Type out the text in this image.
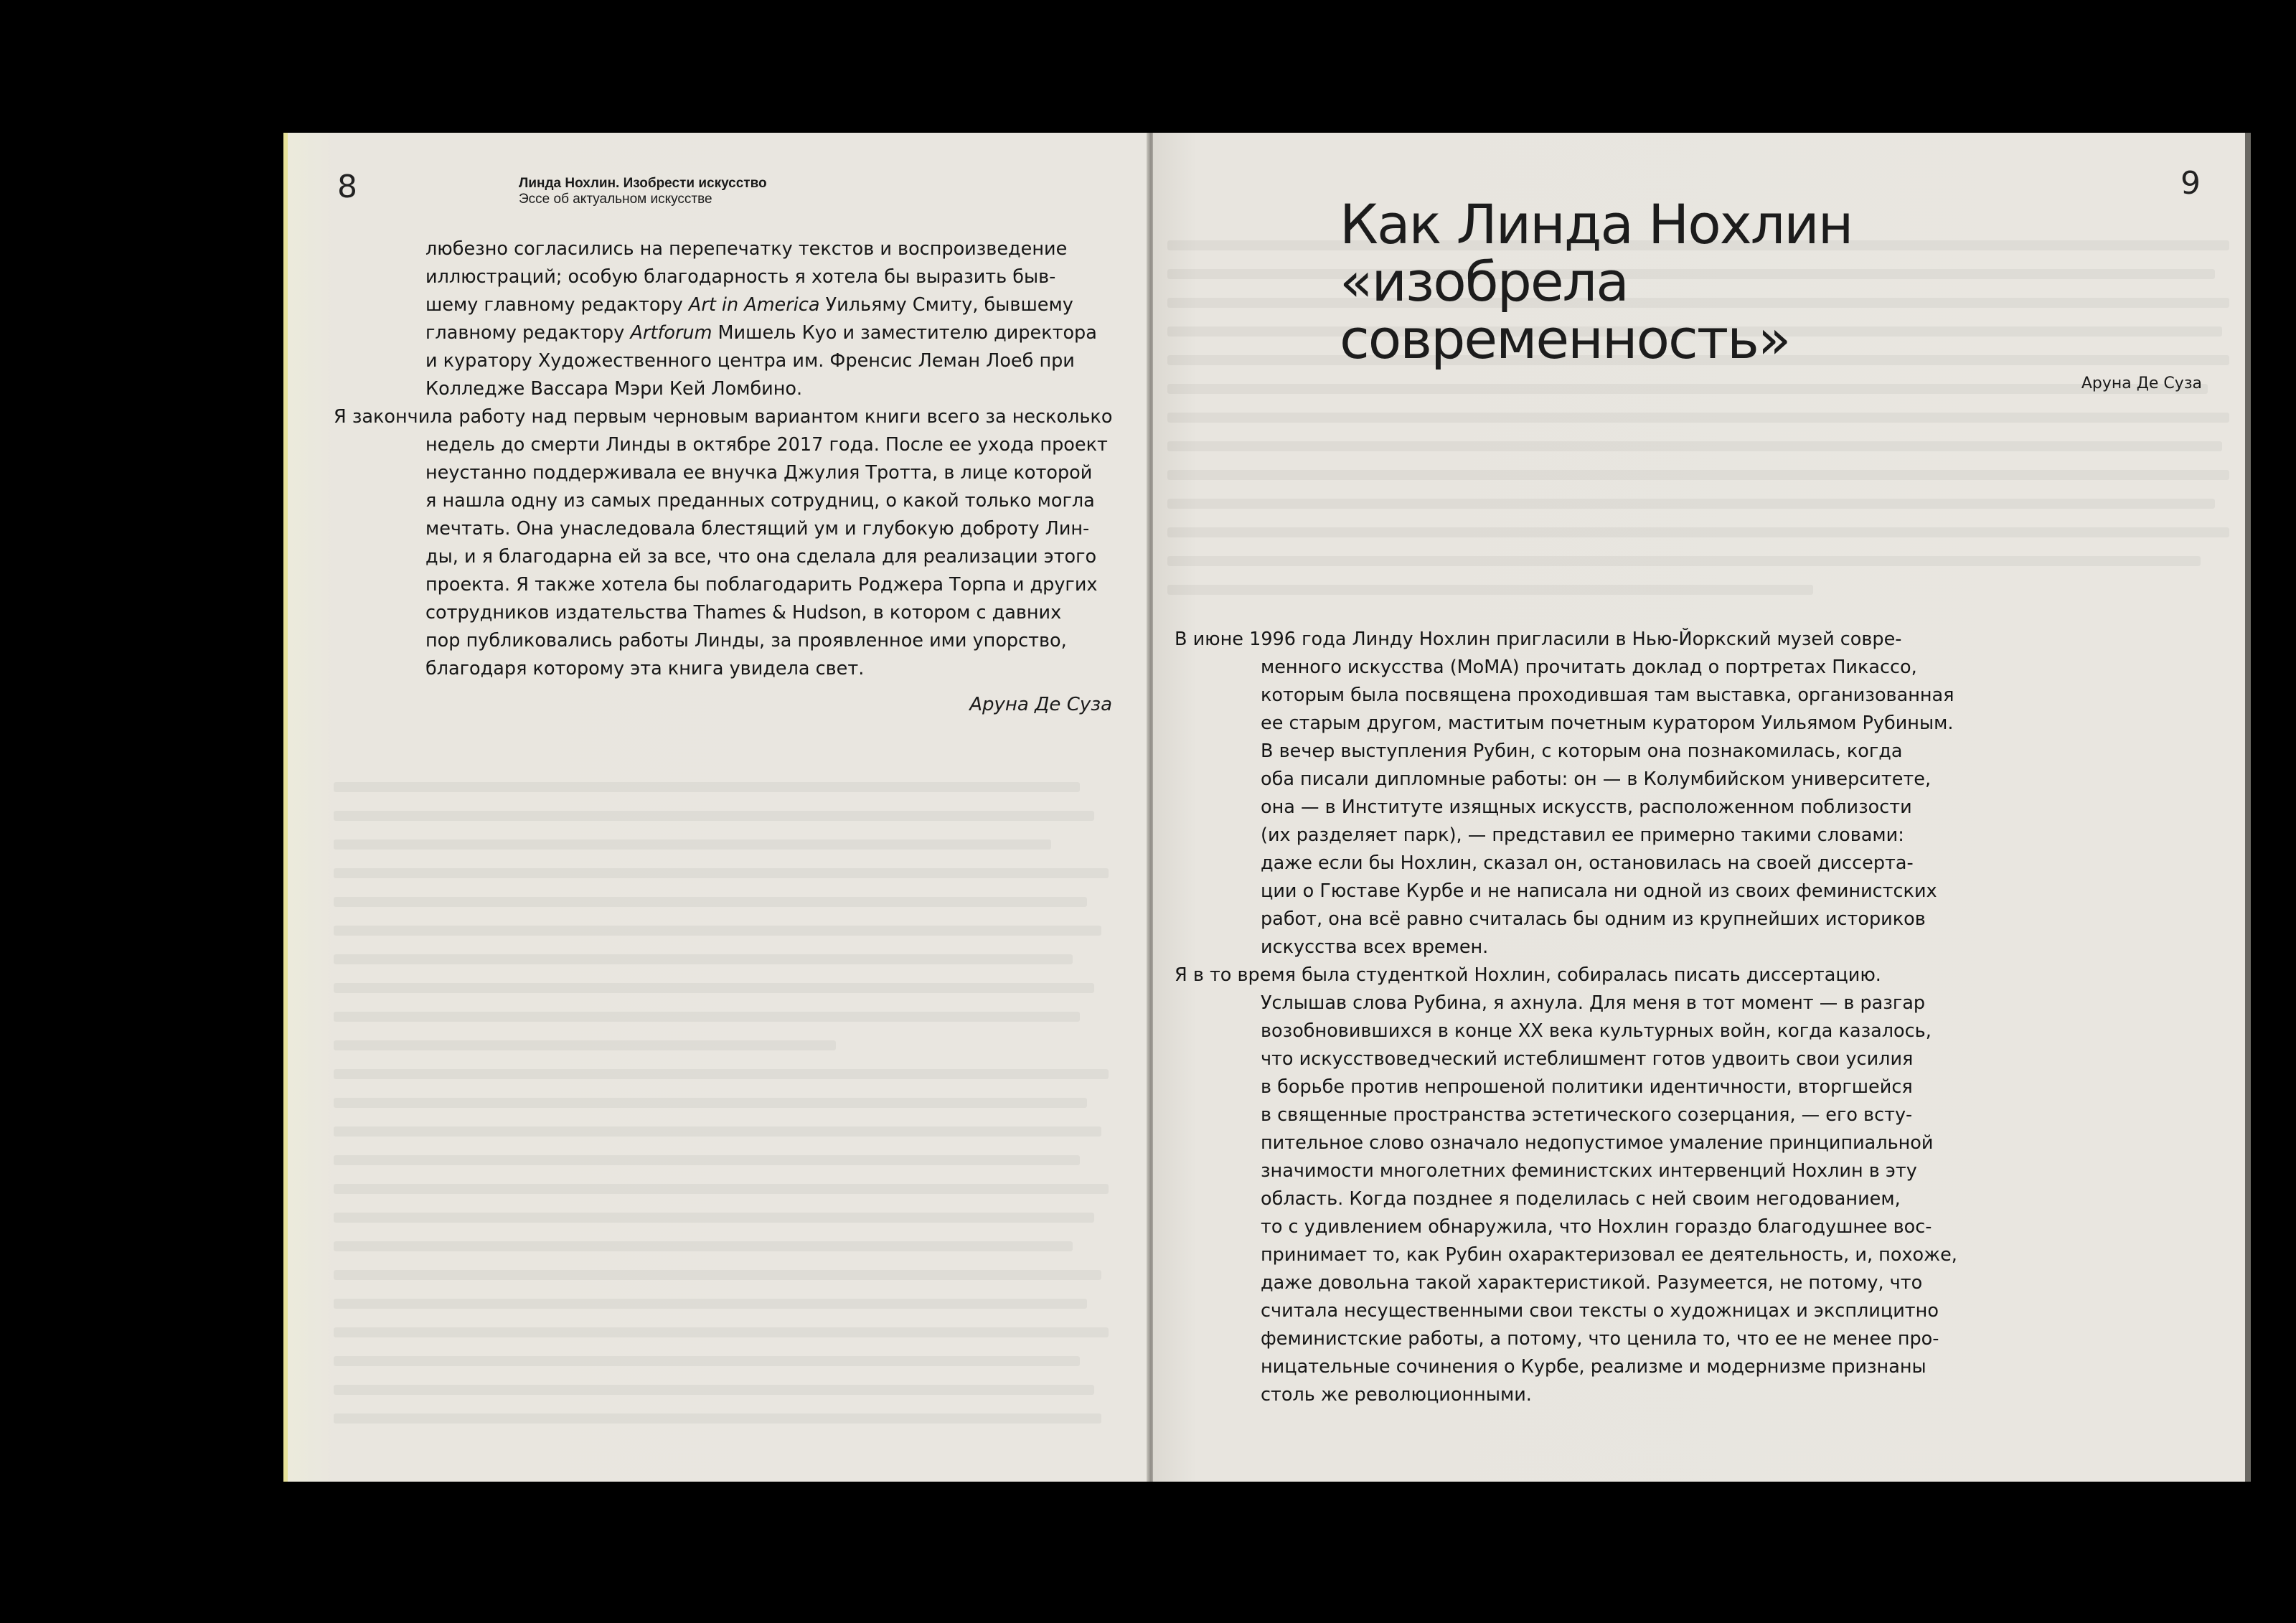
8	Линда Нохлин. Изобрести искусство
Эссе об актуальном искусстве
любезно согласились на перепечатку текстов и воспроизведение
иллюстраций; особую благодарность я хотела бы выразить быв-
шему главному редактору Art in America Уильяму Смиту, бывшему
главному редактору Artforum Мишель Куо и заместителю директора
и куратору Художественного центра им. Френсис Леман Лоеб при
Колледже Вассара Мэри Кей Ломбино.
Я закончила работу над первым черновым вариантом книги всего за несколько
недель до смерти Линды в октябре 2017 года. После ее ухода проект
неустанно поддерживала ее внучка Джулия Тротта, в лице которой
я нашла одну из самых преданных сотрудниц, о какой только могла
мечтать. Она унаследовала блестящий ум и глубокую доброту Лин-
ды, и я благодарна ей за все, что она сделала для реализации этого
проекта. Я также хотела бы поблагодарить Роджера Торпа и других
сотрудников издательства Thames & Hudson, в котором с давних
пор публиковались работы Линды, за проявленное ими упорство,
благодаря которому эта книга увидела свет.
Аруна Де Суза
9
Как Линда Нохлин
«изобрела
современность»
Аруна Де Суза
В июне 1996 года Линду Нохлин пригласили в Нью-Йоркский музей совре-
менного искусства (MoMA) прочитать доклад о портретах Пикассо,
которым была посвящена проходившая там выставка, организованная
ее старым другом, маститым почетным куратором Уильямом Рубиным.
В вечер выступления Рубин, с которым она познакомилась, когда
оба писали дипломные работы: он — в Колумбийском университете,
она — в Институте изящных искусств, расположенном поблизости
(их разделяет парк), — представил ее примерно такими словами:
даже если бы Нохлин, сказал он, остановилась на своей диссерта-
ции о Гюставе Курбе и не написала ни одной из своих феминистских
работ, она всё равно считалась бы одним из крупнейших историков
искусства всех времен.
Я в то время была студенткой Нохлин, собиралась писать диссертацию.
Услышав слова Рубина, я ахнула. Для меня в тот момент — в разгар
возобновившихся в конце XX века культурных войн, когда казалось,
что искусствоведческий истеблишмент готов удвоить свои усилия
в борьбе против непрошеной политики идентичности, вторгшейся
в священные пространства эстетического созерцания, — его всту-
пительное слово означало недопустимое умаление принципиальной
значимости многолетних феминистских интервенций Нохлин в эту
область. Когда позднее я поделилась с ней своим негодованием,
то с удивлением обнаружила, что Нохлин гораздо благодушнее вос-
принимает то, как Рубин охарактеризовал ее деятельность, и, похоже,
даже довольна такой характеристикой. Разумеется, не потому, что
считала несущественными свои тексты о художницах и эксплицитно
феминистские работы, а потому, что ценила то, что ее не менее про-
ницательные сочинения о Курбе, реализме и модернизме признаны
столь же революционными.
